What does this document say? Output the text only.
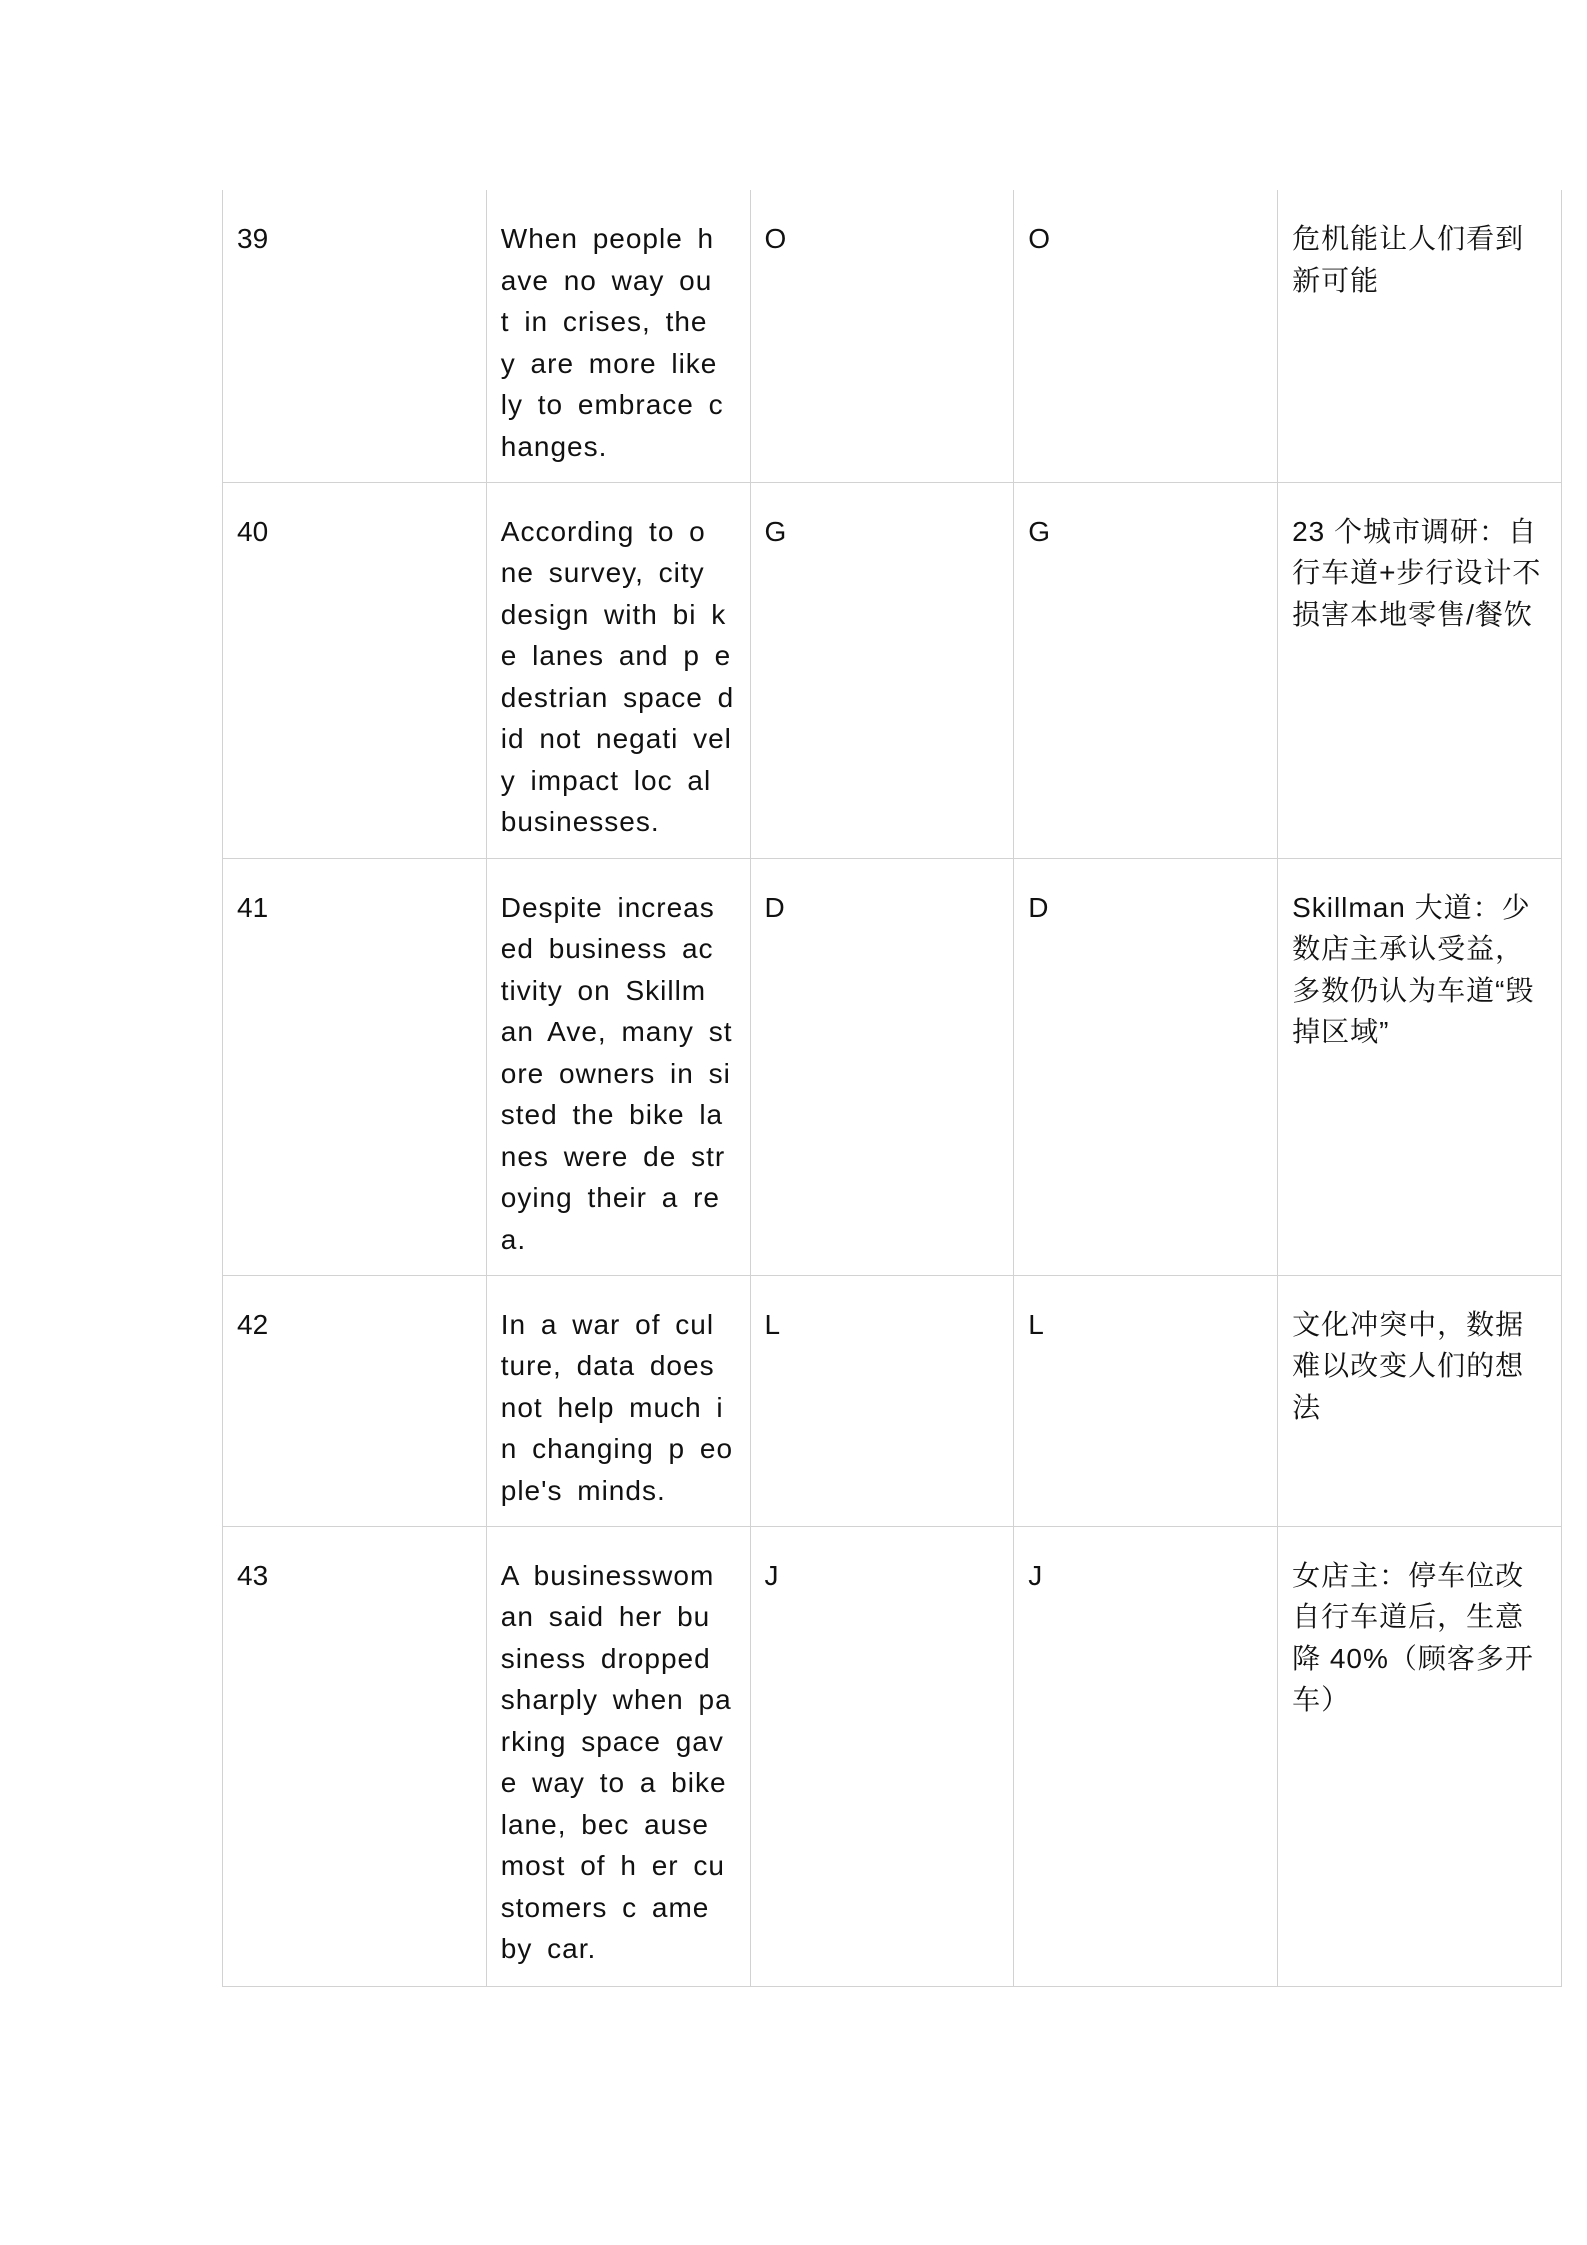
39	When people h ave no way ou t in crises, the y are more like ly to embrace changes.	O	O	危机能让人们看到新可能
40	According to o ne survey, city design with bi ke lanes and p edestrian space did not negati vely impact loc al businesses.	G	G	23 个城市调研：自行车道+步行设计不损害本地零售/餐饮
41	Despite increas ed business ac tivity on Skillm an Ave, many store owners in sisted the bike lanes were de stroying their a rea.	D	D	Skillman 大道：少数店主承认受益，多数仍认为车道“毁掉区域”
42	In a war of cul ture, data does not help much in changing p eople's minds.	L	L	文化冲突中，数据难以改变人们的想法
43	A businesswom an said her bu siness dropped sharply when parking space gave way to a bike lane, bec ause most of h er customers c ame by car.	J	J	女店主：停车位改自行车道后，生意降 40%（顾客多开车）
